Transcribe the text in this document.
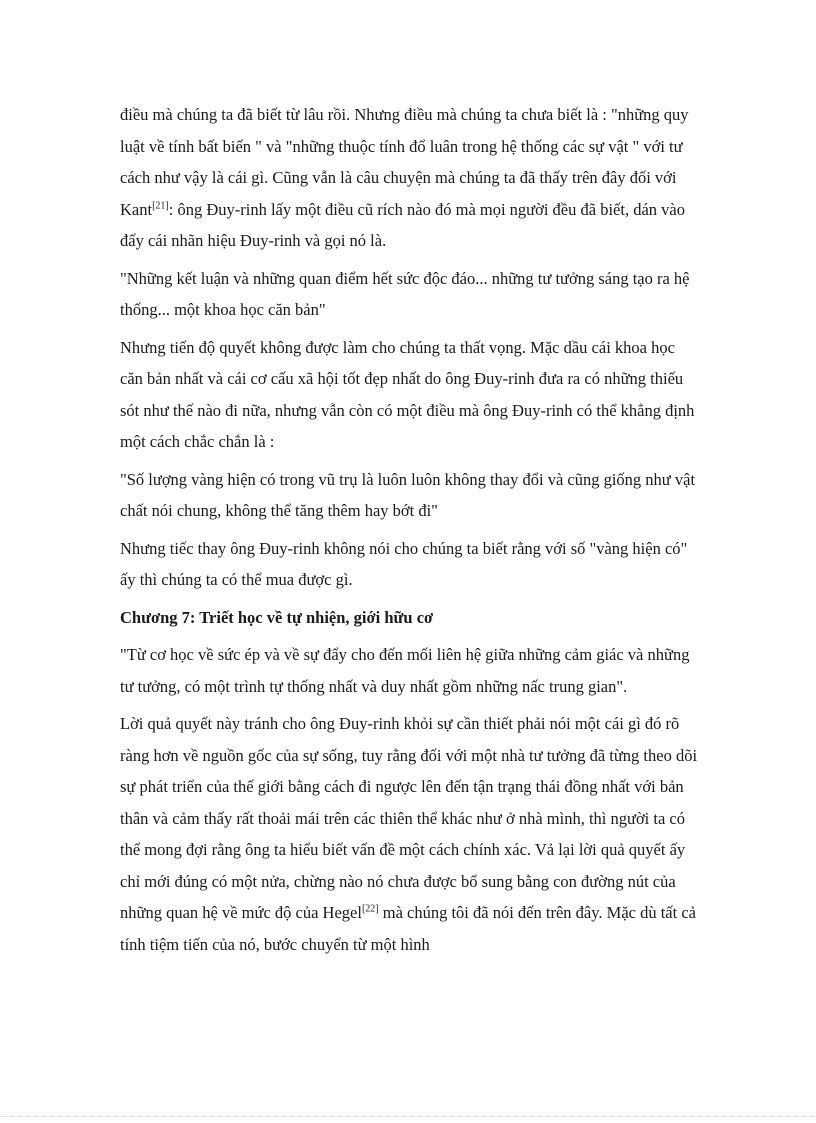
điều mà chúng ta đã biết từ lâu rồi. Nhưng điều mà chúng ta chưa biết là : "những quy luật về tính bất biến " và "những thuộc tính đổ luân trong hệ thống các sự vật " với tư cách như vậy là cái gì. Cũng vẫn là câu chuyện mà chúng ta đã thấy trên đây đối với Kant[21]: ông Đuy-rinh lấy một điều cũ rích nào đó mà mọi người đều đã biết, dán vào đấy cái nhãn hiệu Đuy-rinh và gọi nó là.

"Những kết luận và những quan điểm hết sức độc đáo... những tư tưởng sáng tạo ra hệ thống... một khoa học căn bản"

Nhưng tiến độ quyết không được làm cho chúng ta thất vọng. Mặc dầu cái khoa học căn bản nhất và cái cơ cấu xã hội tốt đẹp nhất do ông Đuy-rinh đưa ra có những thiếu sót như thế nào đi nữa, nhưng vẫn còn có một điều mà ông Đuy-rinh có thể khẳng định một cách chắc chắn là :

"Số lượng vàng hiện có trong vũ trụ là luôn luôn không thay đổi và cũng giống như vật chất nói chung, không thể tăng thêm hay bớt đi"

Nhưng tiếc thay ông Đuy-rinh không nói cho chúng ta biết rằng với số "vàng hiện có" ấy thì chúng ta có thể mua được gì.

Chương 7: Triết học về tự nhiện, giới hữu cơ

"Từ cơ học về sức ép và về sự đẩy cho đến mối liên hệ giữa những cảm giác và những tư tưởng, có một trình tự thống nhất và duy nhất gồm những nấc trung gian".

Lời quả quyết này tránh cho ông Đuy-rinh khỏi sự cần thiết phải nói một cái gì đó rõ ràng hơn về nguồn gốc của sự sống, tuy rằng đối với một nhà tư tưởng đã từng theo dõi sự phát triển của thế giới bằng cách đi ngược lên đến tận trạng thái đồng nhất với bản thân và cảm thấy rất thoải mái trên các thiên thể khác như ở nhà mình, thì người ta có thể mong đợi rằng ông ta hiểu biết vấn đề một cách chính xác. Vả lại lời quả quyết ấy chỉ mới đúng có một nửa, chừng nào nó chưa được bổ sung bằng con đường nút của những quan hệ về mức độ của Hegel[22] mà chúng tôi đã nói đến trên đây. Mặc dù tất cả tính tiệm tiến của nó, bước chuyển từ một hình
